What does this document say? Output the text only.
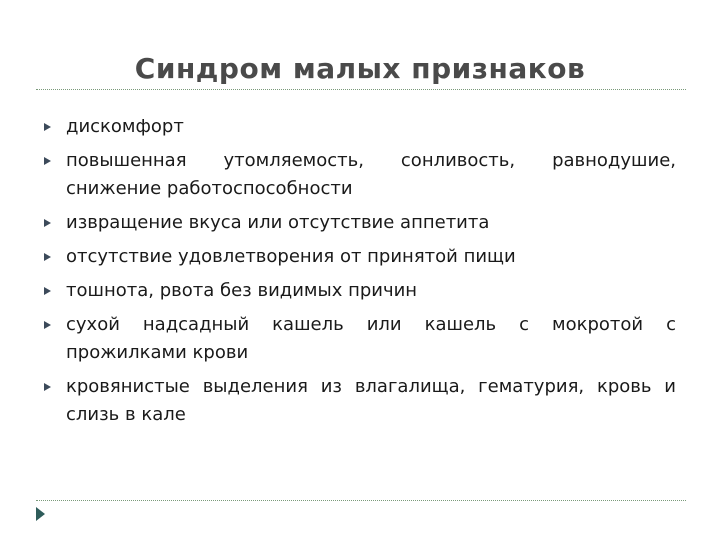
Синдром малых признаков
дискомфорт
повышенная утомляемость, сонливость, равнодушие, снижение работоспособности
извращение вкуса или отсутствие аппетита
отсутствие удовлетворения от принятой пищи
тошнота, рвота без видимых причин
сухой надсадный кашель или кашель с мокротой с прожилками крови
кровянистые выделения из влагалища, гематурия, кровь и слизь в кале
